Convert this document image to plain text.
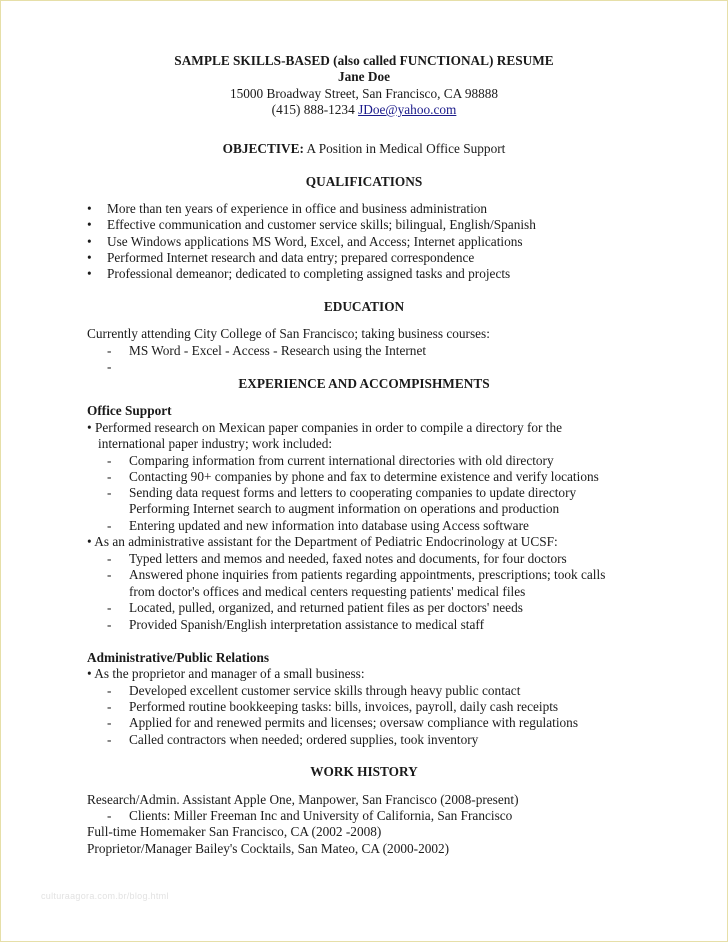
SAMPLE SKILLS-BASED (also called FUNCTIONAL) RESUME
Jane Doe
15000 Broadway Street, San Francisco, CA 98888
(415) 888-1234 JDoe@yahoo.com
OBJECTIVE: A Position in Medical Office Support
QUALIFICATIONS
• More than ten years of experience in office and business administration
• Effective communication and customer service skills; bilingual, English/Spanish
• Use Windows applications MS Word, Excel, and Access; Internet applications
• Performed Internet research and data entry; prepared correspondence
• Professional demeanor; dedicated to completing assigned tasks and projects
EDUCATION
Currently attending City College of San Francisco; taking business courses:
- MS Word - Excel - Access - Research using the Internet
-
EXPERIENCE AND ACCOMPISHMENTS
Office Support
• Performed research on Mexican paper companies in order to compile a directory for the
international paper industry; work included:
- Comparing information from current international directories with old directory
- Contacting 90+ companies by phone and fax to determine existence and verify locations
- Sending data request forms and letters to cooperating companies to update directory
Performing Internet search to augment information on operations and production
- Entering updated and new information into database using Access software
• As an administrative assistant for the Department of Pediatric Endocrinology at UCSF:
- Typed letters and memos and needed, faxed notes and documents, for four doctors
- Answered phone inquiries from patients regarding appointments, prescriptions; took calls
from doctor's offices and medical centers requesting patients' medical files
- Located, pulled, organized, and returned patient files as per doctors' needs
- Provided Spanish/English interpretation assistance to medical staff
Administrative/Public Relations
• As the proprietor and manager of a small business:
- Developed excellent customer service skills through heavy public contact
- Performed routine bookkeeping tasks: bills, invoices, payroll, daily cash receipts
- Applied for and renewed permits and licenses; oversaw compliance with regulations
- Called contractors when needed; ordered supplies, took inventory
WORK HISTORY
Research/Admin. Assistant Apple One, Manpower, San Francisco (2008-present)
- Clients: Miller Freeman Inc and University of California, San Francisco
Full-time Homemaker San Francisco, CA (2002 -2008)
Proprietor/Manager Bailey's Cocktails, San Mateo, CA (2000-2002)
culturaagora.com.br/blog.html
